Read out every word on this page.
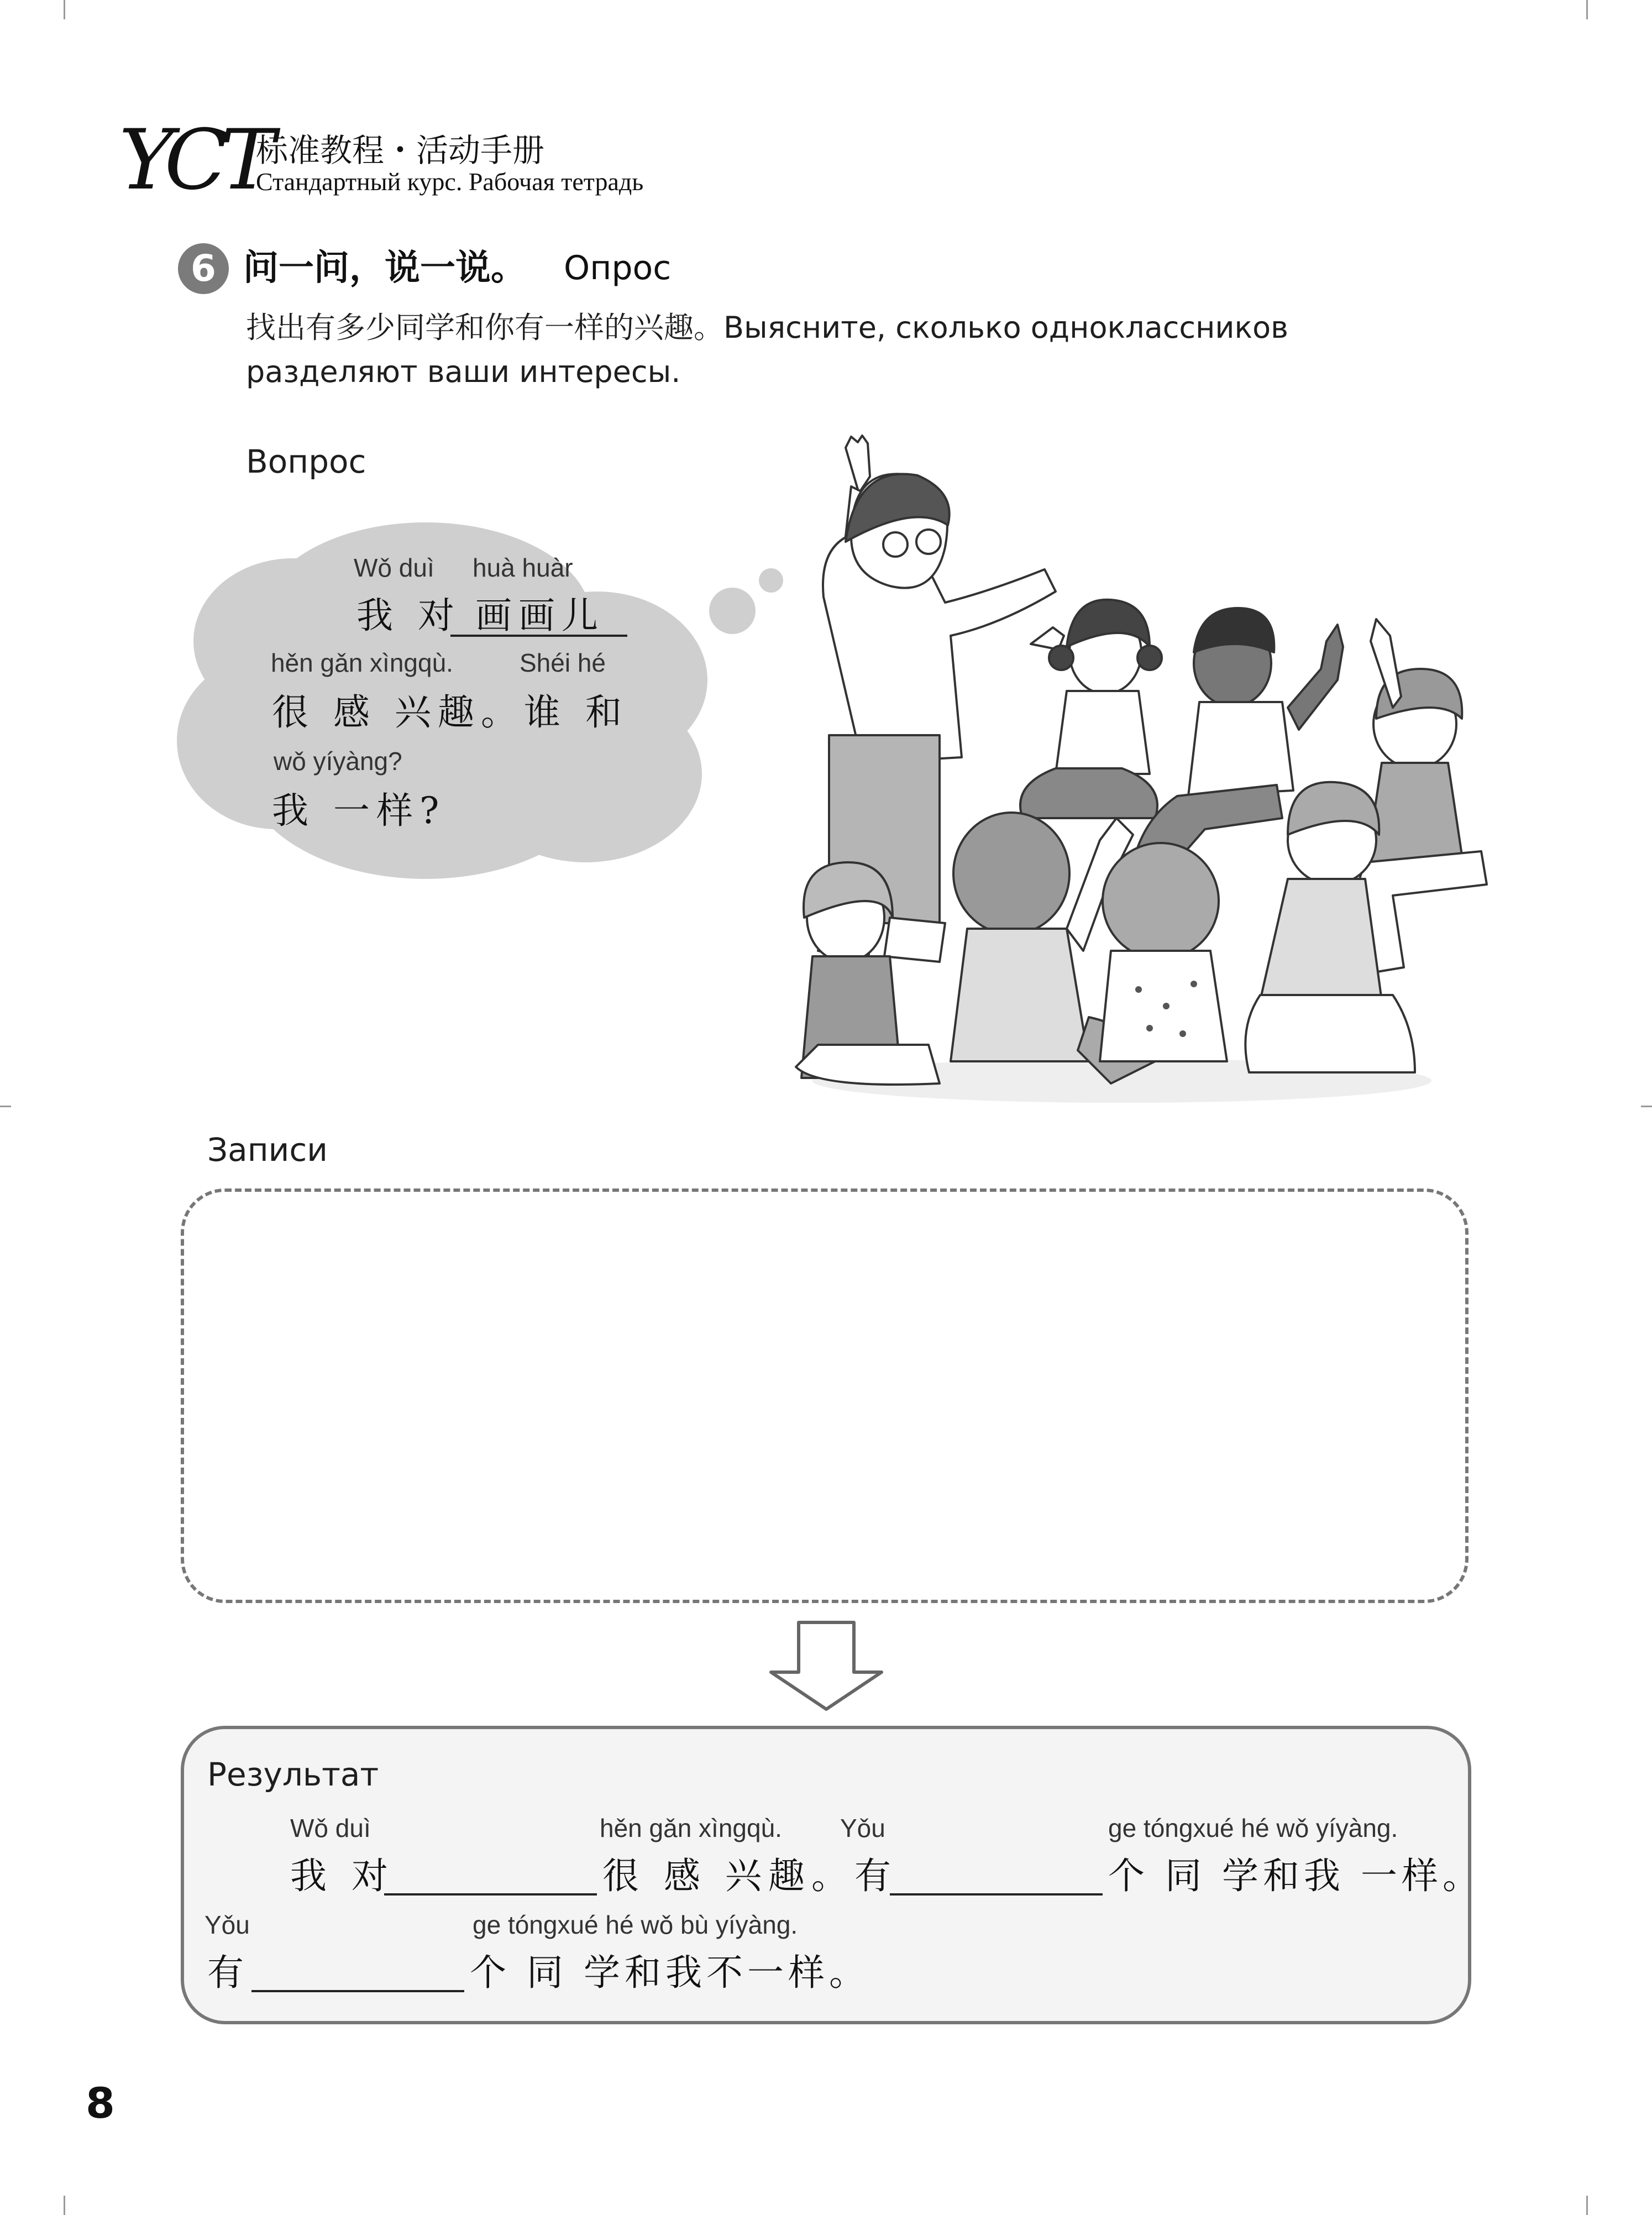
YCT
标准教程・活动手册
Стандартный курс. Рабочая тетрадь
6 问一问，说一说。 Опрос
找出有多少同学和你有一样的兴趣。Выясните, сколько одноклассников
разделяют ваши интересы.
Вопрос
Wǒ duì huà huàr
我 对 画画儿
hěn gǎn xìngqù.	Shéi hé
很 感 兴趣。谁 和
wǒ yíyàng?
我 一样?
Записи
Результат
Wǒ duì
我 对
hěn gǎn xìngqù. Yǒu
很 感 兴趣。有
ge tóngxué hé wǒ yíyàng.
个 同 学和我 一样。
Yǒu
有
ge tóngxué hé wǒ bù yíyàng.
个 同 学和我不一样。
8
